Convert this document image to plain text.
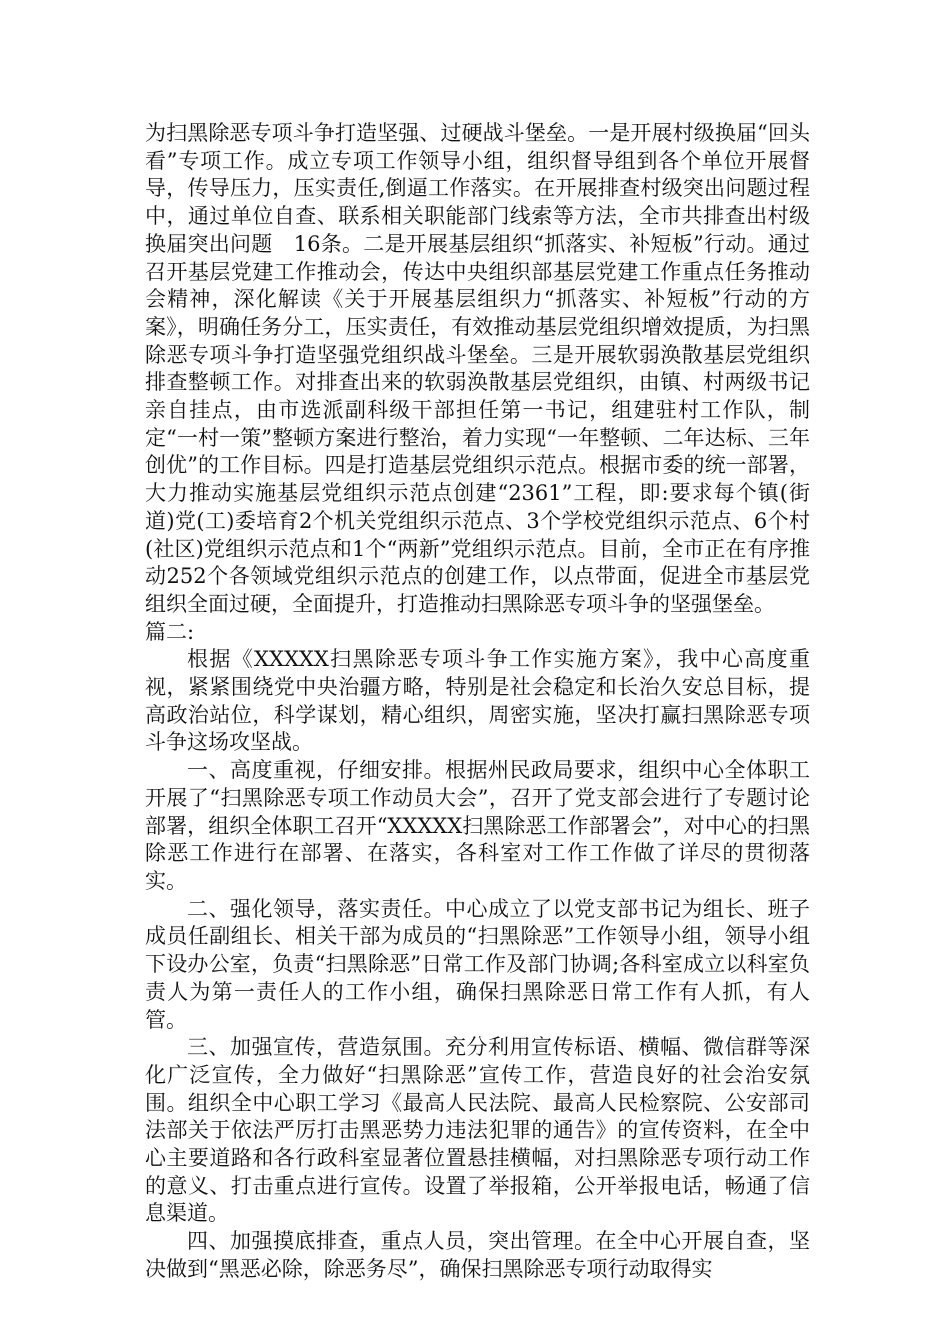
为扫黑除恶专项斗争打造坚强、过硬战斗堡垒。一是开展村级换届“回头看”专项工作。成立专项工作领导小组，组织督导组到各个单位开展督导，传导压力，压实责任,倒逼工作落实。在开展排查村级突出问题过程中，通过单位自查、联系相关职能部门线索等方法，全市共排查出村级换届突出问题　16条。二是开展基层组织“抓落实、补短板”行动。通过召开基层党建工作推动会，传达中央组织部基层党建工作重点任务推动会精神，深化解读《关于开展基层组织力“抓落实、补短板”行动的方案》，明确任务分工，压实责任，有效推动基层党组织增效提质，为扫黑除恶专项斗争打造坚强党组织战斗堡垒。三是开展软弱涣散基层党组织排查整顿工作。对排查出来的软弱涣散基层党组织，由镇、村两级书记亲自挂点，由市选派副科级干部担任第一书记，组建驻村工作队，制定“一村一策”整顿方案进行整治，着力实现“一年整顿、二年达标、三年创优”的工作目标。四是打造基层党组织示范点。根据市委的统一部署，大力推动实施基层党组织示范点创建“2361”工程，即:要求每个镇(街道)党(工)委培育2个机关党组织示范点、3个学校党组织示范点、6个村(社区)党组织示范点和1个“两新”党组织示范点。目前，全市正在有序推动252个各领域党组织示范点的创建工作，以点带面，促进全市基层党组织全面过硬，全面提升，打造推动扫黑除恶专项斗争的坚强堡垒。

篇二:

根据《XXXXX扫黑除恶专项斗争工作实施方案》，我中心高度重视，紧紧围绕党中央治疆方略，特别是社会稳定和长治久安总目标，提高政治站位，科学谋划，精心组织，周密实施，坚决打赢扫黑除恶专项斗争这场攻坚战。

一、高度重视，仔细安排。根据州民政局要求，组织中心全体职工开展了“扫黑除恶专项工作动员大会”，召开了党支部会进行了专题讨论部署，组织全体职工召开“XXXXX扫黑除恶工作部署会”，对中心的扫黑除恶工作进行在部署、在落实，各科室对工作工作做了详尽的贯彻落实。

二、强化领导，落实责任。中心成立了以党支部书记为组长、班子成员任副组长、相关干部为成员的“扫黑除恶”工作领导小组，领导小组下设办公室，负责“扫黑除恶”日常工作及部门协调;各科室成立以科室负责人为第一责任人的工作小组，确保扫黑除恶日常工作有人抓，有人管。

三、加强宣传，营造氛围。充分利用宣传标语、横幅、微信群等深化广泛宣传，全力做好“扫黑除恶”宣传工作，营造良好的社会治安氛围。组织全中心职工学习《最高人民法院、最高人民检察院、公安部司法部关于依法严厉打击黑恶势力违法犯罪的通告》的宣传资料，在全中心主要道路和各行政科室显著位置悬挂横幅，对扫黑除恶专项行动工作的意义、打击重点进行宣传。设置了举报箱，公开举报电话，畅通了信息渠道。

四、加强摸底排查，重点人员，突出管理。在全中心开展自查，坚决做到“黑恶必除，除恶务尽”，确保扫黑除恶专项行动取得实
